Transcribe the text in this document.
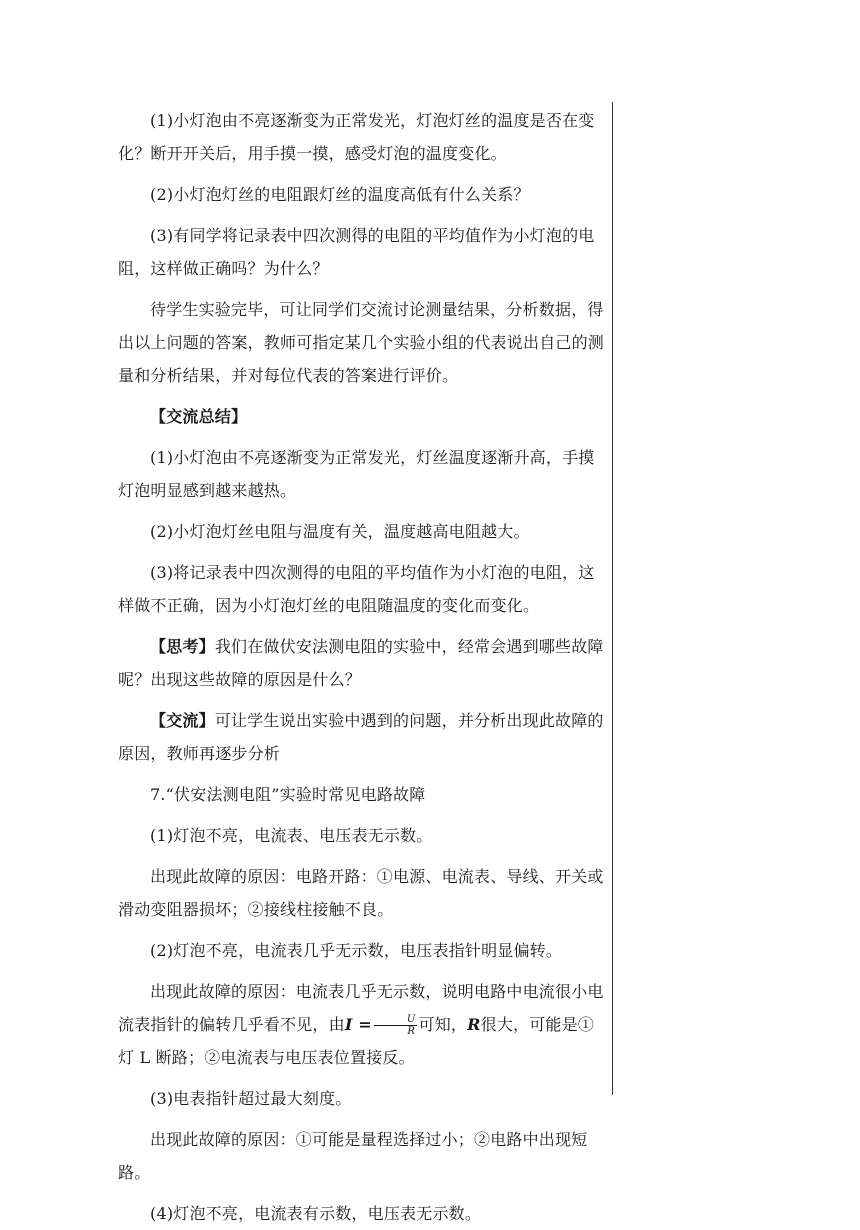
(1)小灯泡由不亮逐渐变为正常发光，灯泡灯丝的温度是否在变化？断开开关后，用手摸一摸，感受灯泡的温度变化。

(2)小灯泡灯丝的电阻跟灯丝的温度高低有什么关系？

(3)有同学将记录表中四次测得的电阻的平均值作为小灯泡的电阻，这样做正确吗？为什么？

待学生实验完毕，可让同学们交流讨论测量结果，分析数据，得出以上问题的答案，教师可指定某几个实验小组的代表说出自己的测量和分析结果，并对每位代表的答案进行评价。

【交流总结】

(1)小灯泡由不亮逐渐变为正常发光，灯丝温度逐渐升高，手摸灯泡明显感到越来越热。

(2)小灯泡灯丝电阻与温度有关，温度越高电阻越大。

(3)将记录表中四次测得的电阻的平均值作为小灯泡的电阻，这样做不正确，因为小灯泡灯丝的电阻随温度的变化而变化。

【思考】我们在做伏安法测电阻的实验中，经常会遇到哪些故障呢？出现这些故障的原因是什么？

【交流】可让学生说出实验中遇到的问题，并分析出现此故障的原因，教师再逐步分析

7.“伏安法测电阻”实验时常见电路故障

(1)灯泡不亮，电流表、电压表无示数。

出现此故障的原因：电路开路：①电源、电流表、导线、开关或滑动变阻器损坏；②接线柱接触不良。

(2)灯泡不亮，电流表几乎无示数，电压表指针明显偏转。

出现此故障的原因：电流表几乎无示数，说明电路中电流很小电流表指针的偏转几乎看不见，由$I = \frac{U}{R}$ 可知，R很大，可能是①灯 L 断路；②电流表与电压表位置接反。

(3)电表指针超过最大刻度。

出现此故障的原因：①可能是量程选择过小；②电路中出现短路。

(4)灯泡不亮，电流表有示数，电压表无示数。
